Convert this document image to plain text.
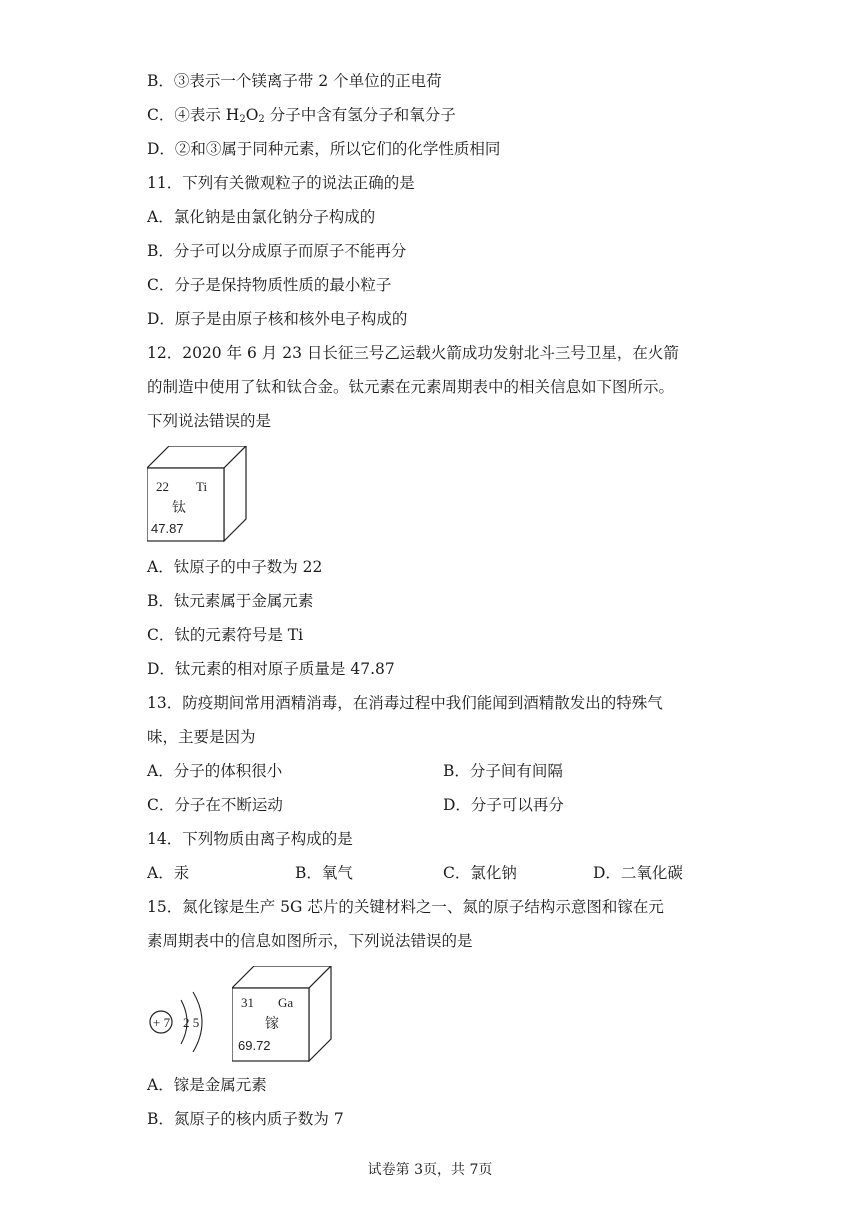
B．③表示一个镁离子带 2 个单位的正电荷
C．④表示 $H_2O_2$ 分子中含有氢分子和氧分子
D．②和③属于同种元素，所以它们的化学性质相同
11．下列有关微观粒子的说法正确的是
A．氯化钠是由氯化钠分子构成的
B．分子可以分成原子而原子不能再分
C．分子是保持物质性质的最小粒子
D．原子是由原子核和核外电子构成的
12．2020 年 6 月 23 日长征三号乙运载火箭成功发射北斗三号卫星，在火箭
的制造中使用了钛和钛合金。钛元素在元素周期表中的相关信息如下图所示。
下列说法错误的是
22 Ti
钛
47.87
A．钛原子的中子数为 22
B．钛元素属于金属元素
C．钛的元素符号是 Ti
D．钛元素的相对原子质量是 47.87
13．防疫期间常用酒精消毒，在消毒过程中我们能闻到酒精散发出的特殊气
味，主要是因为
A．分子的体积很小	B．分子间有间隔
C．分子在不断运动	D．分子可以再分
14．下列物质由离子构成的是
A．汞	B．氧气	C．氯化钠	D．二氧化碳
15．氮化镓是生产 5G 芯片的关键材料之一、氮的原子结构示意图和镓在元
素周期表中的信息如图所示，下列说法错误的是
+ 7 2 5
31 Ga
镓
69.72
A．镓是金属元素
B．氮原子的核内质子数为 7
试卷第 3页，共 7页
